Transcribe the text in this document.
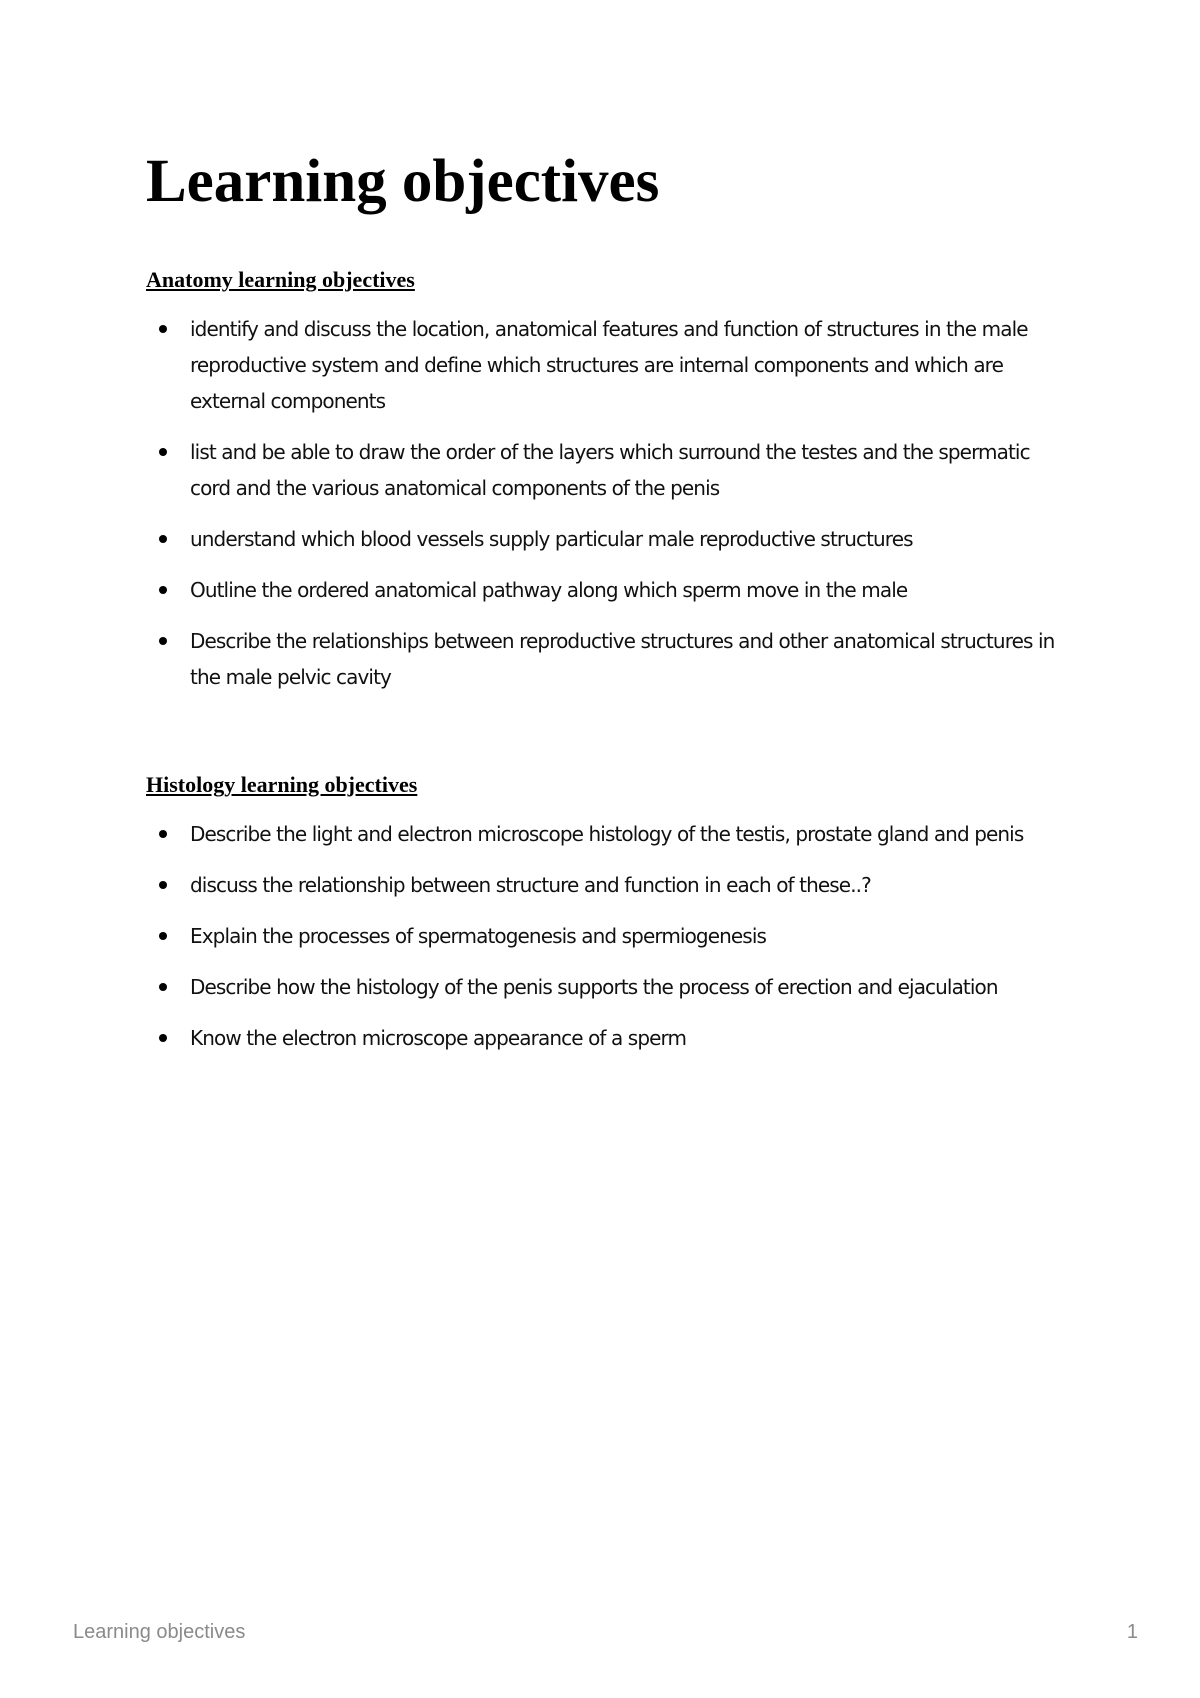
Learning objectives
Anatomy learning objectives
identify and discuss the location, anatomical features and function of structures in the male reproductive system and define which structures are internal components and which are external components
list and be able to draw the order of the layers which surround the testes and the spermatic cord and the various anatomical components of the penis
understand which blood vessels supply particular male reproductive structures
Outline the ordered anatomical pathway along which sperm move in the male
Describe the relationships between reproductive structures and other anatomical structures in the male pelvic cavity
Histology learning objectives
Describe the light and electron microscope histology of the testis, prostate gland and penis
discuss the relationship between structure and function in each of these..?
Explain the processes of spermatogenesis and spermiogenesis
Describe how the histology of the penis supports the process of erection and ejaculation
Know the electron microscope appearance of a sperm
Learning objectives	1
